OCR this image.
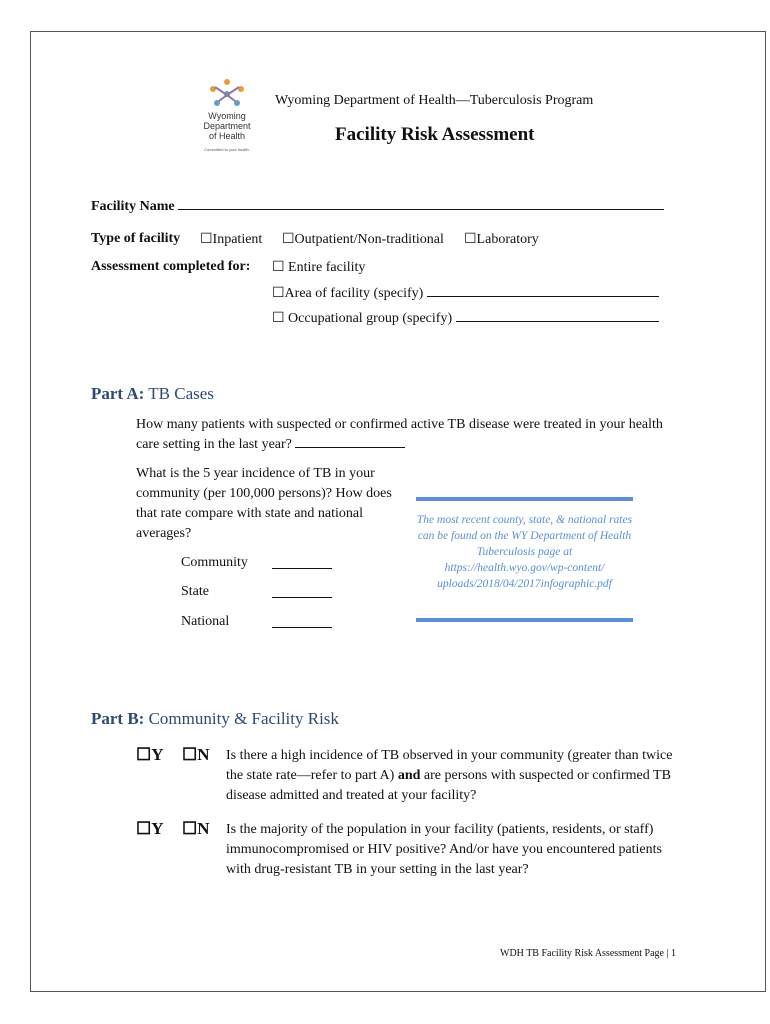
Wyoming
Department
of Health
Committed to your health.
Wyoming Department of Health—Tuberculosis Program
Facility Risk Assessment
Facility Name
Type of facility ☐Inpatient ☐Outpatient/Non-traditional ☐Laboratory
Assessment completed for: ☐ Entire facility
☐Area of facility (specify)
☐ Occupational group (specify)
Part A: TB Cases
How many patients with suspected or confirmed active TB disease were treated in your health care setting in the last year?
What is the 5 year incidence of TB in your community (per 100,000 persons)? How does that rate compare with state and national averages?
Community
State
National
The most recent county, state, & national rates can be found on the WY Department of Health Tuberculosis page at https://health.wyo.gov/wp-content/ uploads/2018/04/2017infographic.pdf
Part B: Community & Facility Risk
☐Y ☐N Is there a high incidence of TB observed in your community (greater than twice the state rate—refer to part A) and are persons with suspected or confirmed TB disease admitted and treated at your facility?
☐Y ☐N Is the majority of the population in your facility (patients, residents, or staff) immunocompromised or HIV positive? And/or have you encountered patients with drug-resistant TB in your setting in the last year?
WDH TB Facility Risk Assessment Page | 1
